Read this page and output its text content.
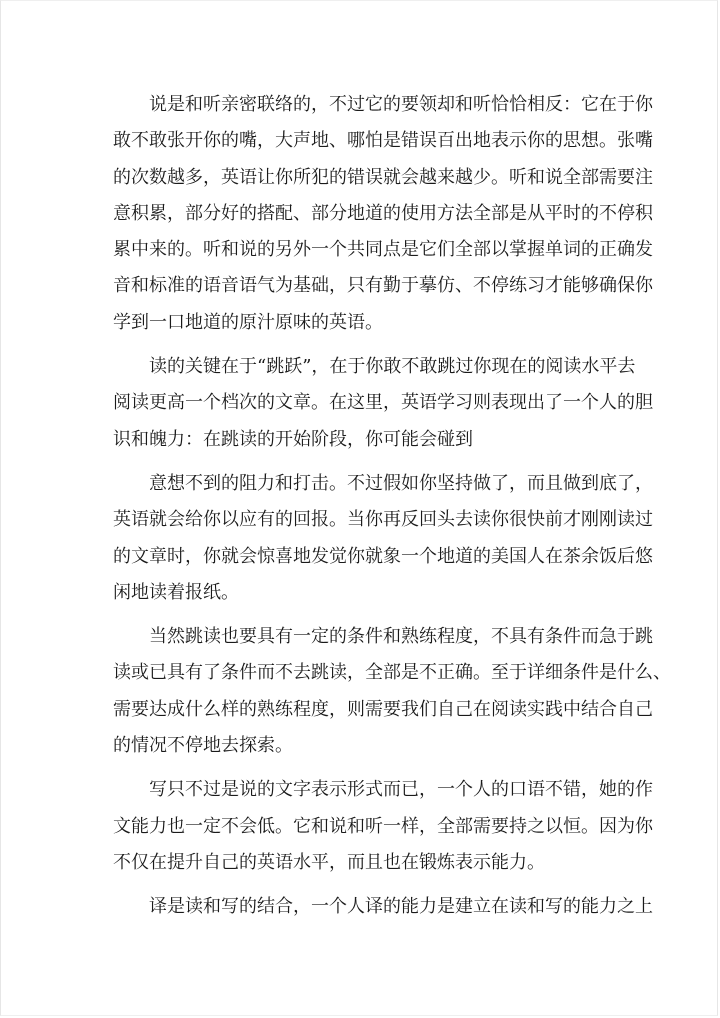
说是和听亲密联络的，不过它的要领却和听恰恰相反：它在于你
敢不敢张开你的嘴，大声地、哪怕是错误百出地表示你的思想。张嘴
的次数越多，英语让你所犯的错误就会越来越少。听和说全部需要注
意积累，部分好的搭配、部分地道的使用方法全部是从平时的不停积
累中来的。听和说的另外一个共同点是它们全部以掌握单词的正确发
音和标准的语音语气为基础，只有勤于摹仿、不停练习才能够确保你
学到一口地道的原汁原味的英语。
读的关键在于“跳跃”，在于你敢不敢跳过你现在的阅读水平去
阅读更高一个档次的文章。在这里，英语学习则表现出了一个人的胆
识和魄力：在跳读的开始阶段，你可能会碰到
意想不到的阻力和打击。不过假如你坚持做了，而且做到底了，
英语就会给你以应有的回报。当你再反回头去读你很快前才刚刚读过
的文章时，你就会惊喜地发觉你就象一个地道的美国人在茶余饭后悠
闲地读着报纸。
当然跳读也要具有一定的条件和熟练程度，不具有条件而急于跳
读或已具有了条件而不去跳读，全部是不正确。至于详细条件是什么、
需要达成什么样的熟练程度，则需要我们自己在阅读实践中结合自己
的情况不停地去探索。
写只不过是说的文字表示形式而已，一个人的口语不错，她的作
文能力也一定不会低。它和说和听一样，全部需要持之以恒。因为你
不仅在提升自己的英语水平，而且也在锻炼表示能力。
译是读和写的结合，一个人译的能力是建立在读和写的能力之上
